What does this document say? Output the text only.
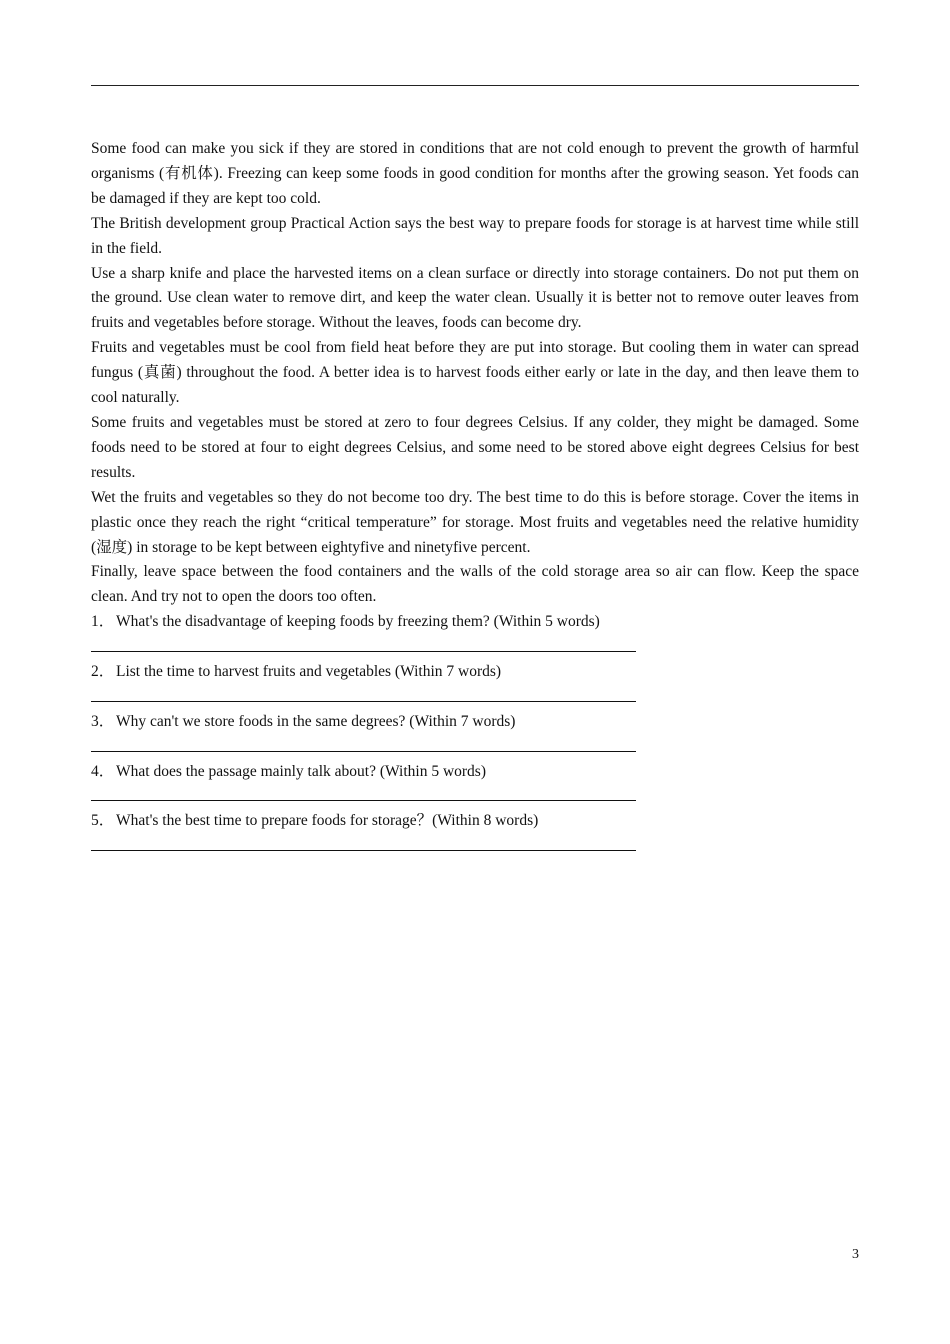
Some food can make you sick if they are stored in conditions that are not cold enough to prevent the growth of harmful organisms (有机体). Freezing can keep some foods in good condition for months after the growing season. Yet foods can be damaged if they are kept too cold.

The British development group Practical Action says the best way to prepare foods for storage is at harvest time while still in the field.

Use a sharp knife and place the harvested items on a clean surface or directly into storage containers. Do not put them on the ground. Use clean water to remove dirt, and keep the water clean. Usually it is better not to remove outer leaves from fruits and vegetables before storage. Without the leaves, foods can become dry.

Fruits and vegetables must be cool from field heat before they are put into storage. But cooling them in water can spread fungus (真菌) throughout the food. A better idea is to harvest foods either early or late in the day, and then leave them to cool naturally.

Some fruits and vegetables must be stored at zero to four degrees Celsius. If any colder, they might be damaged. Some foods need to be stored at four to eight degrees Celsius, and some need to be stored above eight degrees Celsius for best results.

Wet the fruits and vegetables so they do not become too dry. The best time to do this is before storage. Cover the items in plastic once they reach the right “critical temperature” for storage. Most fruits and vegetables need the relative humidity (湿度) in storage to be kept between eightyfive and ninetyfive percent.

Finally, leave space between the food containers and the walls of the cold storage area so air can flow. Keep the space clean. And try not to open the doors too often.

1． What's the disadvantage of keeping foods by freezing them? (Within 5 words)

2． List the time to harvest fruits and vegetables (Within 7 words)

3． Why can't we store foods in the same degrees? (Within 7 words)

4． What does the passage mainly talk about? (Within 5 words)

5． What's the best time to prepare foods for storage？(Within 8 words)

3
